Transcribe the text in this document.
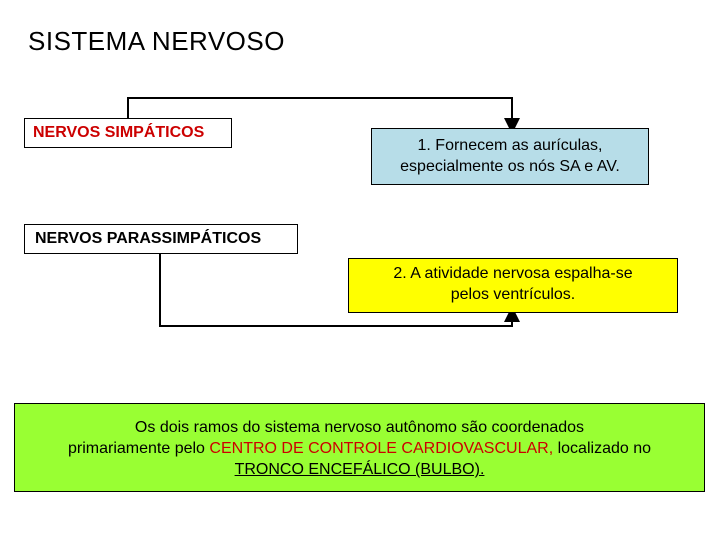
SISTEMA NERVOSO
NERVOS SIMPÁTICOS
NERVOS PARASSIMPÁTICOS
1. Fornecem as aurículas,
especialmente os nós SA e AV.
2. A atividade nervosa espalha-se
pelos ventrículos.
Os dois ramos do sistema nervoso autônomo são coordenados
primariamente pelo CENTRO DE CONTROLE CARDIOVASCULAR, localizado no
TRONCO ENCEFÁLICO (BULBO).
